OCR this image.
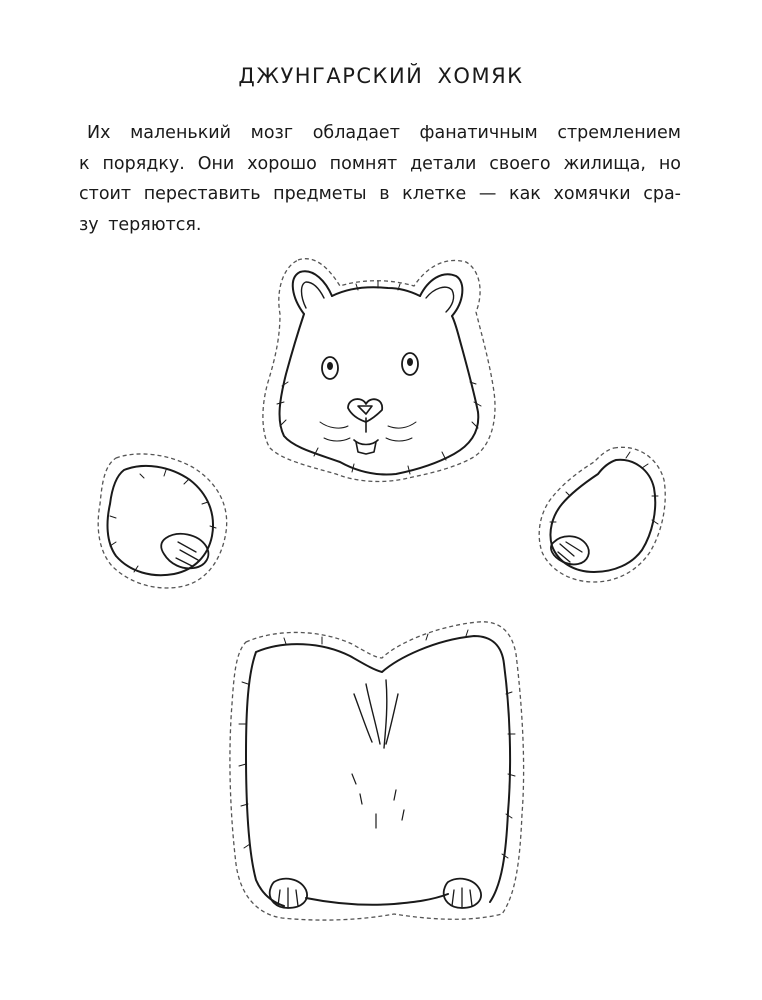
ДЖУНГАРСКИЙ ХОМЯК

Их маленький мозг обладает фанатичным стремлением
к порядку. Они хорошо помнят детали своего жилища, но
стоит переставить предметы в клетке — как хомячки сра-
зу теряются.
